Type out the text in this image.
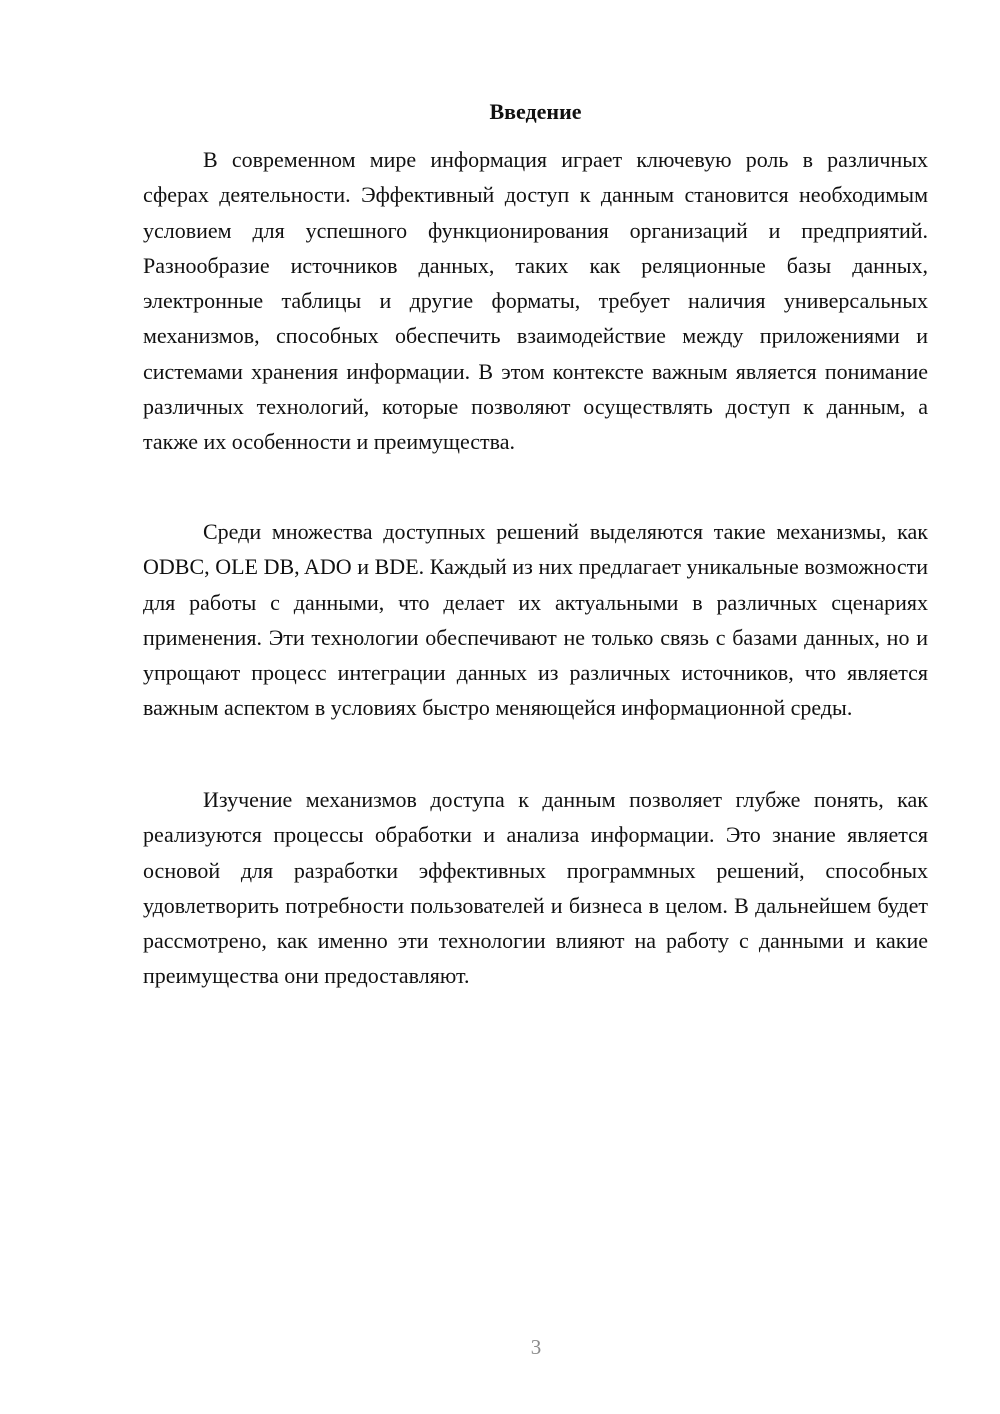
Введение

В современном мире информация играет ключевую роль в различных сферах деятельности. Эффективный доступ к данным становится необходимым условием для успешного функционирования организаций и предприятий. Разнообразие источников данных, таких как реляционные базы данных, электронные таблицы и другие форматы, требует наличия универсальных механизмов, способных обеспечить взаимодействие между приложениями и системами хранения информации. В этом контексте важным является понимание различных технологий, которые позволяют осуществлять доступ к данным, а также их особенности и преимущества.

Среди множества доступных решений выделяются такие механизмы, как ODBC, OLE DB, ADO и BDE. Каждый из них предлагает уникальные возможности для работы с данными, что делает их актуальными в различных сценариях применения. Эти технологии обеспечивают не только связь с базами данных, но и упрощают процесс интеграции данных из различных источников, что является важным аспектом в условиях быстро меняющейся информационной среды.

Изучение механизмов доступа к данным позволяет глубже понять, как реализуются процессы обработки и анализа информации. Это знание является основой для разработки эффективных программных решений, способных удовлетворить потребности пользователей и бизнеса в целом. В дальнейшем будет рассмотрено, как именно эти технологии влияют на работу с данными и какие преимущества они предоставляют.

3
